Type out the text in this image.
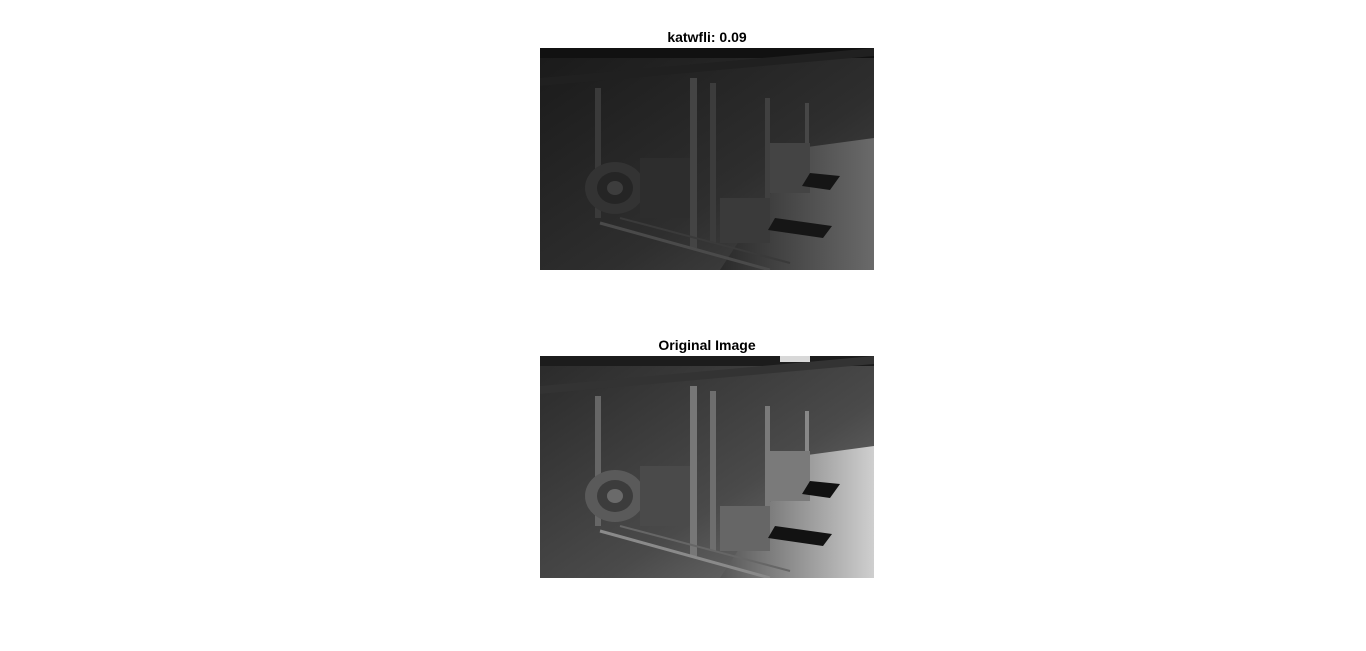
katwfli: 0.09
Original Image
